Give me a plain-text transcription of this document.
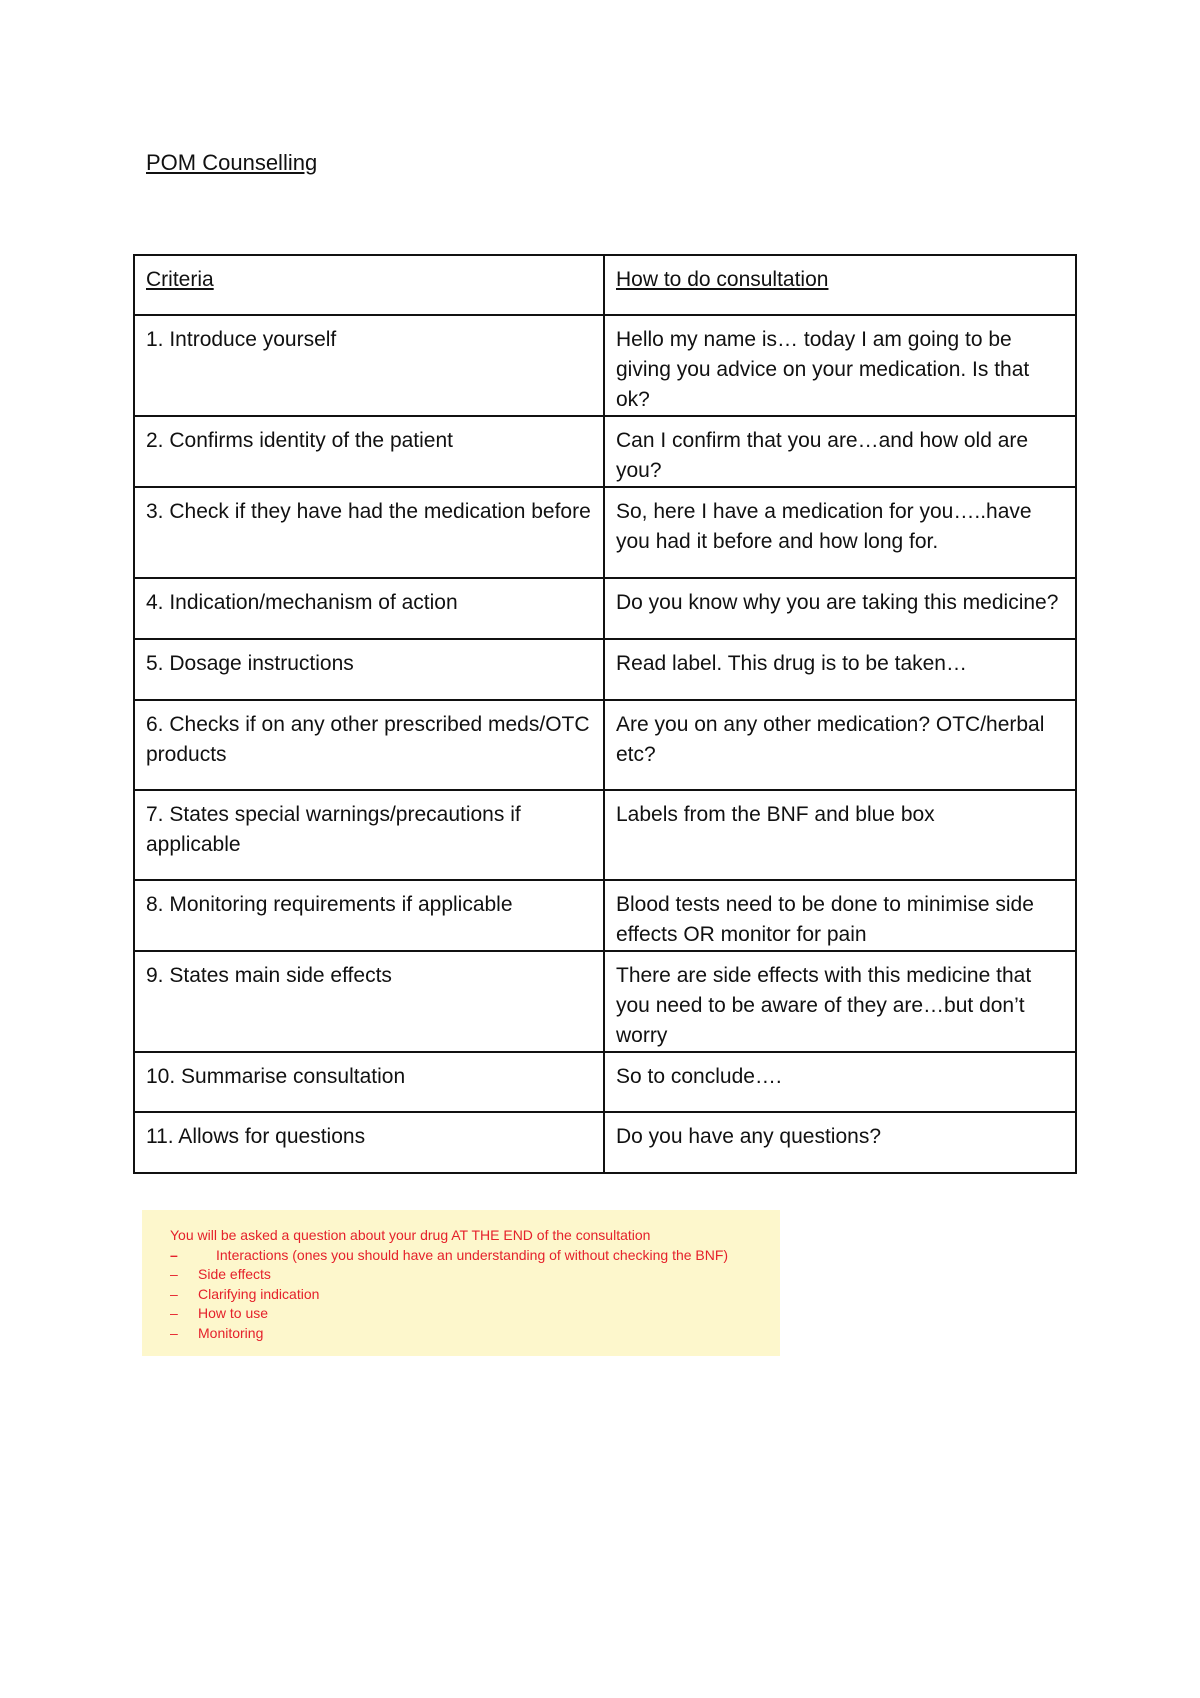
POM Counselling
Criteria	How to do consultation
1. Introduce yourself	Hello my name is… today I am going to be giving you advice on your medication. Is that ok?
2. Confirms identity of the patient	Can I confirm that you are…and how old are you?
3. Check if they have had the medication before	So, here I have a medication for you…..have you had it before and how long for.
4. Indication/mechanism of action	Do you know why you are taking this medicine?
5. Dosage instructions	Read label. This drug is to be taken…
6. Checks if on any other prescribed meds/OTC products	Are you on any other medication? OTC/herbal etc?
7. States special warnings/precautions if applicable	Labels from the BNF and blue box
8. Monitoring requirements if applicable	Blood tests need to be done to minimise side effects OR monitor for pain
9. States main side effects	There are side effects with this medicine that you need to be aware of they are…but don’t worry
10. Summarise consultation	So to conclude….
11. Allows for questions	Do you have any questions?

You will be asked a question about your drug AT THE END of the consultation

–	Interactions (ones you should have an understanding of without checking the BNF)
– Side effects
– Clarifying indication
– How to use
– Monitoring
